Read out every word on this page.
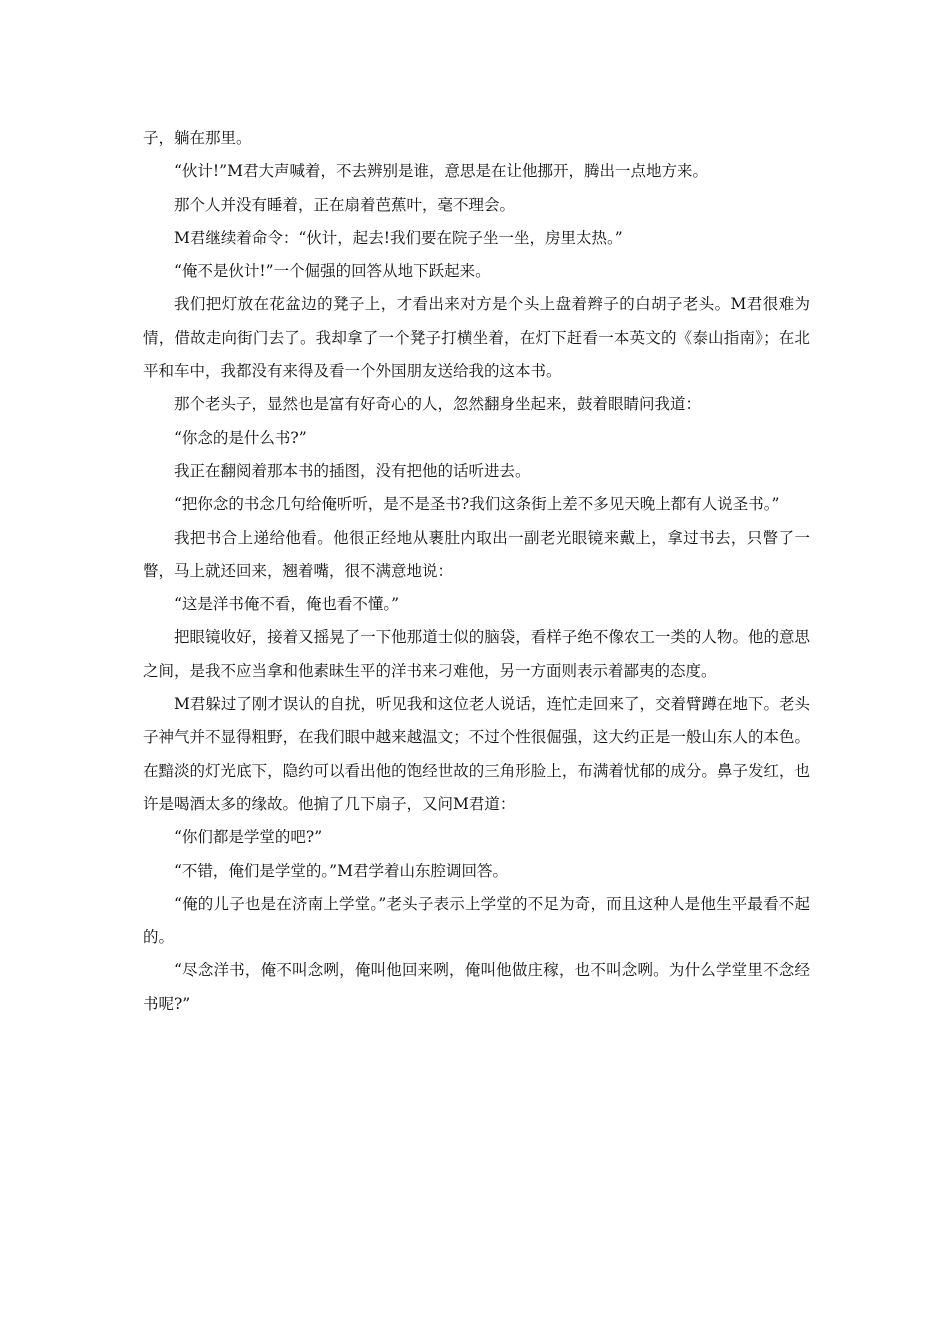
子，躺在那里。

“伙计!”M君大声喊着，不去辨别是谁，意思是在让他挪开，腾出一点地方来。

那个人并没有睡着，正在扇着芭蕉叶，毫不理会。

M君继续着命令：“伙计，起去!我们要在院子坐一坐，房里太热。”

“俺不是伙计!”一个倔强的回答从地下跃起来。

我们把灯放在花盆边的凳子上，才看出来对方是个头上盘着辫子的白胡子老头。M君很难为情，借故走向街门去了。我却拿了一个凳子打横坐着，在灯下赶看一本英文的《泰山指南》；在北平和车中，我都没有来得及看一个外国朋友送给我的这本书。

那个老头子，显然也是富有好奇心的人，忽然翻身坐起来，鼓着眼睛问我道：

“你念的是什么书?”

我正在翻阅着那本书的插图，没有把他的话听进去。

“把你念的书念几句给俺听听，是不是圣书?我们这条街上差不多见天晚上都有人说圣书。”

我把书合上递给他看。他很正经地从裹肚内取出一副老光眼镜来戴上，拿过书去，只瞥了一瞥，马上就还回来，翘着嘴，很不满意地说：

“这是洋书俺不看，俺也看不懂。”

把眼镜收好，接着又摇晃了一下他那道士似的脑袋，看样子绝不像农工一类的人物。他的意思之间，是我不应当拿和他素昧生平的洋书来刁难他，另一方面则表示着鄙夷的态度。

M君躲过了刚才误认的自扰，听见我和这位老人说话，连忙走回来了，交着臂蹲在地下。老头子神气并不显得粗野，在我们眼中越来越温文；不过个性很倔强，这大约正是一般山东人的本色。在黯淡的灯光底下，隐约可以看出他的饱经世故的三角形脸上，布满着忧郁的成分。鼻子发红，也许是喝酒太多的缘故。他掮了几下扇子，又问M君道：

“你们都是学堂的吧?”

“不错，俺们是学堂的。”M君学着山东腔调回答。

“俺的儿子也是在济南上学堂。”老头子表示上学堂的不足为奇，而且这种人是他生平最看不起的。

“尽念洋书，俺不叫念咧，俺叫他回来咧，俺叫他做庄稼，也不叫念咧。为什么学堂里不念经书呢?”
